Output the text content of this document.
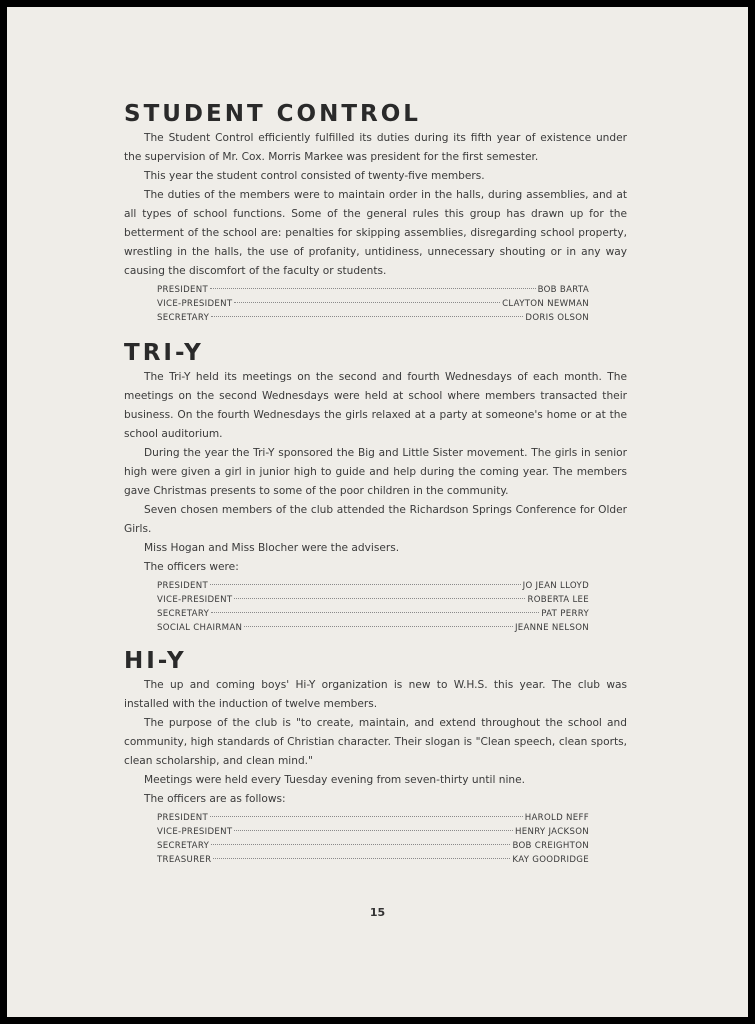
STUDENT CONTROL

The Student Control efficiently fulfilled its duties during its fifth year of existence under the supervision of Mr. Cox. Morris Markee was president for the first semester.

This year the student control consisted of twenty-five members.

The duties of the members were to maintain order in the halls, during assemblies, and at all types of school functions. Some of the general rules this group has drawn up for the betterment of the school are: penalties for skipping assemblies, disregarding school property, wrestling in the halls, the use of profanity, untidiness, unnecessary shouting or in any way causing the discomfort of the faculty or students.

PRESIDENT	BOB BARTA
VICE-PRESIDENT	CLAYTON NEWMAN
SECRETARY	DORIS OLSON
TRI-Y

The Tri-Y held its meetings on the second and fourth Wednesdays of each month. The meetings on the second Wednesdays were held at school where members transacted their business. On the fourth Wednesdays the girls relaxed at a party at someone's home or at the school auditorium.

During the year the Tri-Y sponsored the Big and Little Sister movement. The girls in senior high were given a girl in junior high to guide and help during the coming year. The members gave Christmas presents to some of the poor children in the community.

Seven chosen members of the club attended the Richardson Springs Conference for Older Girls.

Miss Hogan and Miss Blocher were the advisers.

The officers were:

PRESIDENT	JO JEAN LLOYD
VICE-PRESIDENT	ROBERTA LEE
SECRETARY	PAT PERRY
SOCIAL CHAIRMAN	JEANNE NELSON
HI-Y

The up and coming boys' Hi-Y organization is new to W.H.S. this year. The club was installed with the induction of twelve members.

The purpose of the club is "to create, maintain, and extend throughout the school and community, high standards of Christian character. Their slogan is "Clean speech, clean sports, clean scholarship, and clean mind."

Meetings were held every Tuesday evening from seven-thirty until nine.

The officers are as follows:

PRESIDENT	HAROLD NEFF
VICE-PRESIDENT	HENRY JACKSON
SECRETARY	BOB CREIGHTON
TREASURER	KAY GOODRIDGE
15
